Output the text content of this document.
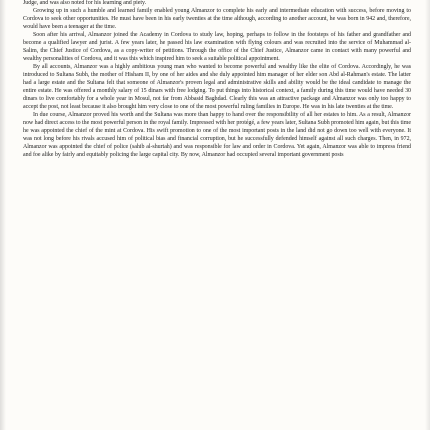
Judge, and was also noted for his learning and piety.

Growing up in such a humble and learned family enabled young Almanzor to complete his early and intermediate education with success, before moving to Cordova to seek other opportunities. He must have been in his early twenties at the time although, according to another account, he was born in 942 and, therefore, would have been a teenager at the time.

Soon after his arrival, Almanzor joined the Academy in Cordova to study law, hoping, perhaps to follow in the footsteps of his father and grandfather and become a qualified lawyer and jurist. A few years later, he passed his law examination with flying colours and was recruited into the service of Muhammad al-Salim, the Chief Justice of Cordova, as a copy-writer of petitions. Through the office of the Chief Justice, Almanzor came in contact with many powerful and wealthy personalities of Cordova, and it was this which inspired him to seek a suitable political appointment.

By all accounts, Almanzor was a highly ambitious young man who wanted to become powerful and wealthy like the elite of Cordova. Accordingly, he was introduced to Sultana Subh, the mother of Hisham II, by one of her aides and she duly appointed him manager of her elder son Abd al-Rahman's estate. The latter had a large estate and the Sultana felt that someone of Almanzor's proven legal and administrative skills and ability would be the ideal candidate to manage the entire estate. He was offered a monthly salary of 15 dinars with free lodging. To put things into historical context, a family during this time would have needed 30 dinars to live comfortably for a whole year in Mosul, not far from Abbasid Baghdad. Clearly this was an attractive package and Almanzor was only too happy to accept the post, not least because it also brought him very close to one of the most powerful ruling families in Europe. He was in his late twenties at the time.

In due course, Almanzor proved his worth and the Sultana was more than happy to hand over the responsibility of all her estates to him. As a result, Almanzor now had direct access to the most powerful person in the royal family. Impressed with her protégé, a few years later, Sultana Subh promoted him again, but this time he was appointed the chief of the mint at Cordova. His swift promotion to one of the most important posts in the land did not go down too well with everyone. It was not long before his rivals accused him of political bias and financial corruption, but he successfully defended himself against all such charges. Then, in 972, Almanzor was appointed the chief of police (sahib al-shurtah) and was responsible for law and order in Cordova. Yet again, Almanzor was able to impress friend and foe alike by fairly and equitably policing the large capital city. By now, Almanzor had occupied several important government posts
